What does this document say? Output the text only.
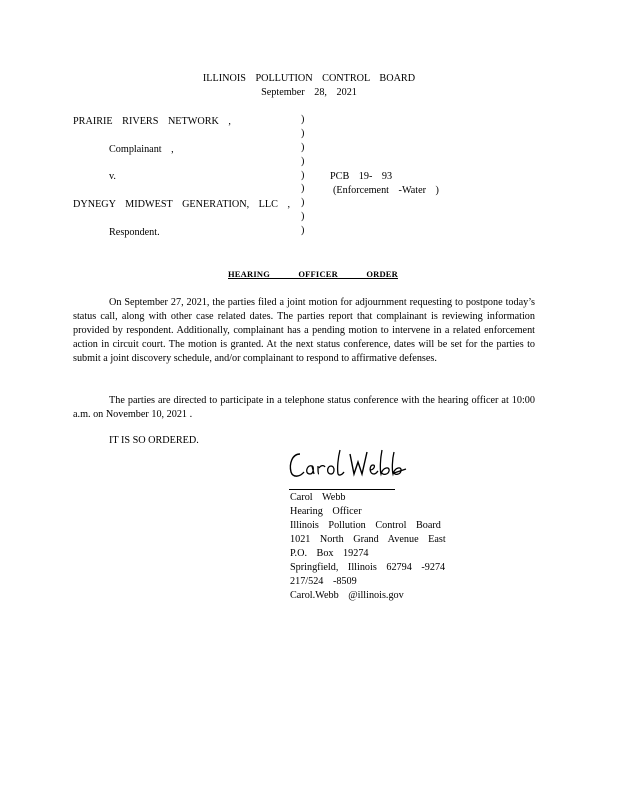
ILLINOIS POLLUTION CONTROL BOARD
September 28, 2021
PRAIRIE RIVERS NETWORK ,
Complainant ,
v.
DYNEGY MIDWEST GENERATION, LLC ,
Respondent.
)
)
)
)
)
)
)
)
)
PCB 19- 93
(Enforcement -Water )
HEARING OFFICER ORDER
On September 27, 2021, the parties filed a joint motion for adjournment requesting to postpone today’s status call, along with other case related dates. The parties report that complainant is reviewing information provided by respondent. Additionally, complainant has a pending motion to intervene in a related enforcement action in circuit court. The motion is granted. At the next status conference, dates will be set for the parties to submit a joint discovery schedule, and/or complainant to respond to affirmative defenses.
The parties are directed to participate in a telephone status conference with the hearing officer at 10:00 a.m. on November 10, 2021 .
IT IS SO ORDERED.
Carol Webb
Hearing Officer
Illinois Pollution Control Board
1021 North Grand Avenue East
P.O. Box 19274
Springfield, Illinois 62794 -9274
217/524 -8509
Carol.Webb @illinois.gov
